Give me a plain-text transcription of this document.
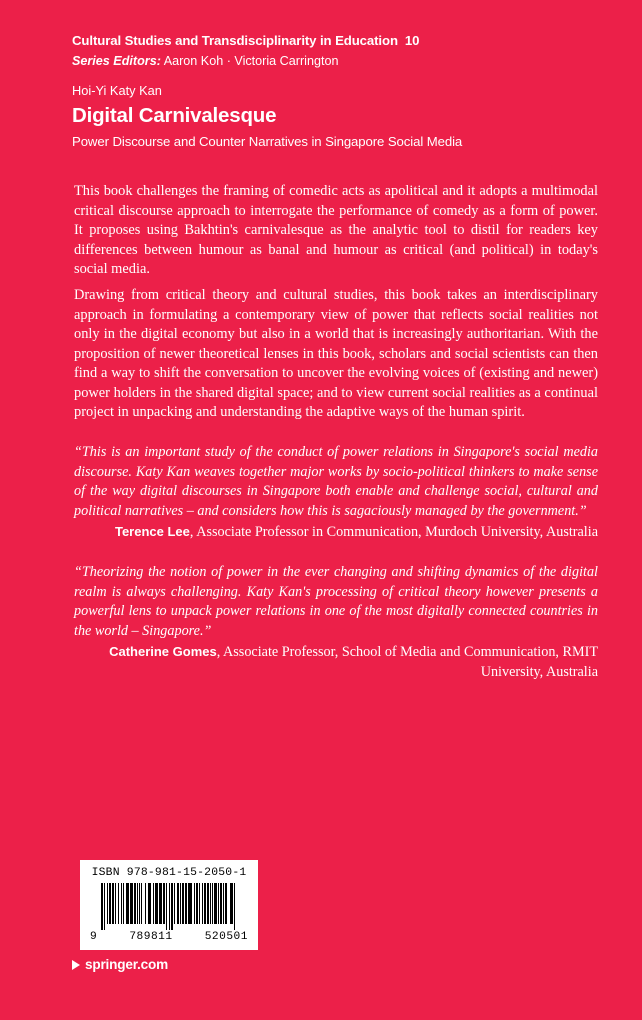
Cultural Studies and Transdisciplinarity in Education 10
Series Editors: Aaron Koh · Victoria Carrington
Hoi-Yi Katy Kan
Digital Carnivalesque
Power Discourse and Counter Narratives in Singapore Social Media
This book challenges the framing of comedic acts as apolitical and it adopts a multimodal critical discourse approach to interrogate the performance of comedy as a form of power. It proposes using Bakhtin's carnivalesque as the analytic tool to distil for readers key differences between humour as banal and humour as critical (and political) in today's social media.
Drawing from critical theory and cultural studies, this book takes an interdisciplinary approach in formulating a contemporary view of power that reflects social realities not only in the digital economy but also in a world that is increasingly authoritarian. With the proposition of newer theoretical lenses in this book, scholars and social scientists can then find a way to shift the conversation to uncover the evolving voices of (existing and newer) power holders in the shared digital space; and to view current social realities as a continual project in unpacking and understanding the adaptive ways of the human spirit.
“This is an important study of the conduct of power relations in Singapore's social media discourse. Katy Kan weaves together major works by socio-political thinkers to make sense of the way digital discourses in Singapore both enable and challenge social, cultural and political narratives – and considers how this is sagaciously managed by the government.”
Terence Lee, Associate Professor in Communication, Murdoch University, Australia
“Theorizing the notion of power in the ever changing and shifting dynamics of the digital realm is always challenging. Katy Kan's processing of critical theory however presents a powerful lens to unpack power relations in one of the most digitally connected countries in the world – Singapore.”
Catherine Gomes, Associate Professor, School of Media and Communication, RMIT University, Australia
ISBN 978-981-15-2050-1
9	789811	520501
springer.com
